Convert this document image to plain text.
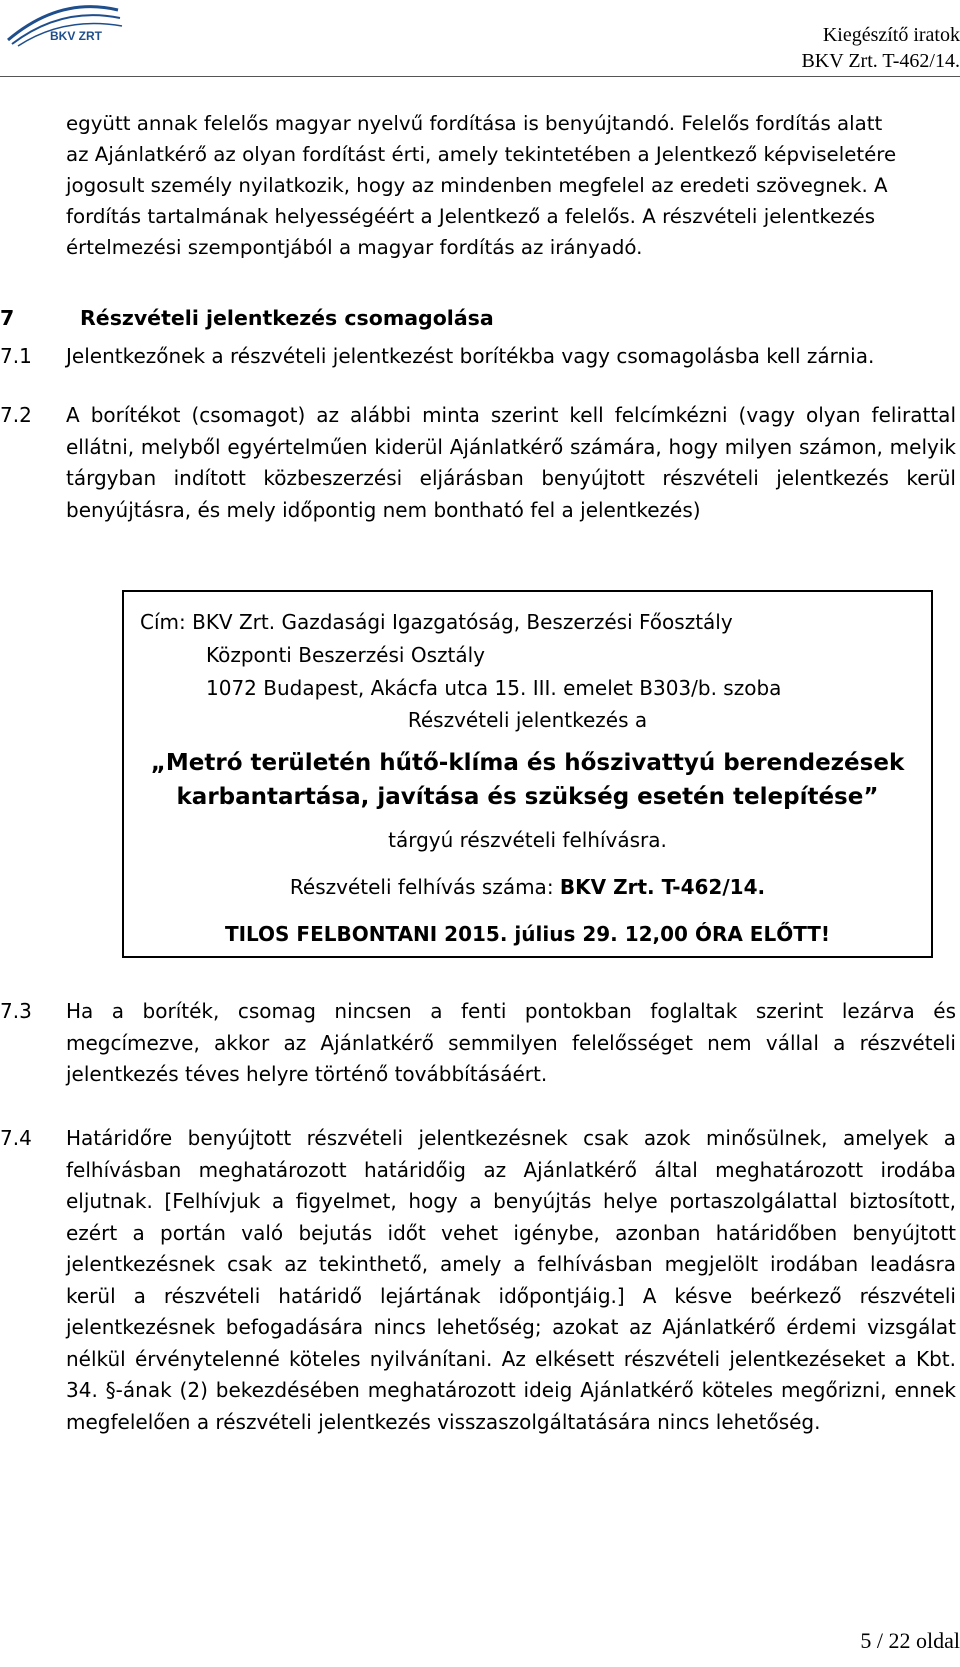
BKV ZRT	Kiegészítő iratok
BKV Zrt. T-462/14.
együtt annak felelős magyar nyelvű fordítása is benyújtandó. Felelős fordítás alatt
az Ajánlatkérő az olyan fordítást érti, amely tekintetében a Jelentkező képviseletére
jogosult személy nyilatkozik, hogy az mindenben megfelel az eredeti szövegnek. A
fordítás tartalmának helyességéért a Jelentkező a felelős. A részvételi jelentkezés
értelmezési szempontjából a magyar fordítás az irányadó.
7	Részvételi jelentkezés csomagolása
7.1 Jelentkezőnek a részvételi jelentkezést borítékba vagy csomagolásba kell zárnia.
7.2 A borítékot (csomagot) az alábbi minta szerint kell felcímkézni (vagy olyan felirattal ellátni, melyből egyértelműen kiderül Ajánlatkérő számára, hogy milyen számon, melyik tárgyban indított közbeszerzési eljárásban benyújtott részvételi jelentkezés kerül benyújtásra, és mely időpontig nem bontható fel a jelentkezés)
Cím: BKV Zrt. Gazdasági Igazgatóság, Beszerzési Főosztály
Központi Beszerzési Osztály
1072 Budapest, Akácfa utca 15. III. emelet B303/b. szoba
Részvételi jelentkezés a
„Metró területén hűtő-klíma és hőszivattyú berendezések
karbantartása, javítása és szükség esetén telepítése”
tárgyú részvételi felhívásra.
Részvételi felhívás száma: BKV Zrt. T-462/14.
TILOS FELBONTANI 2015. július 29. 12,00 ÓRA ELŐTT!
7.3 Ha a boríték, csomag nincsen a fenti pontokban foglaltak szerint lezárva és megcímezve, akkor az Ajánlatkérő semmilyen felelősséget nem vállal a részvételi jelentkezés téves helyre történő továbbításáért.
7.4 Határidőre benyújtott részvételi jelentkezésnek csak azok minősülnek, amelyek a felhívásban meghatározott határidőig az Ajánlatkérő által meghatározott irodába eljutnak. [Felhívjuk a figyelmet, hogy a benyújtás helye portaszolgálattal biztosított, ezért a portán való bejutás időt vehet igénybe, azonban határidőben benyújtott jelentkezésnek csak az tekinthető, amely a felhívásban megjelölt irodában leadásra kerül a részvételi határidő lejártának időpontjáig.] A késve beérkező részvételi jelentkezésnek befogadására nincs lehetőség; azokat az Ajánlatkérő érdemi vizsgálat nélkül érvénytelenné köteles nyilvánítani. Az elkésett részvételi jelentkezéseket a Kbt. 34. §-ának (2) bekezdésében meghatározott ideig Ajánlatkérő köteles megőrizni, ennek megfelelően a részvételi jelentkezés visszaszolgáltatására nincs lehetőség.
5 / 22 oldal
